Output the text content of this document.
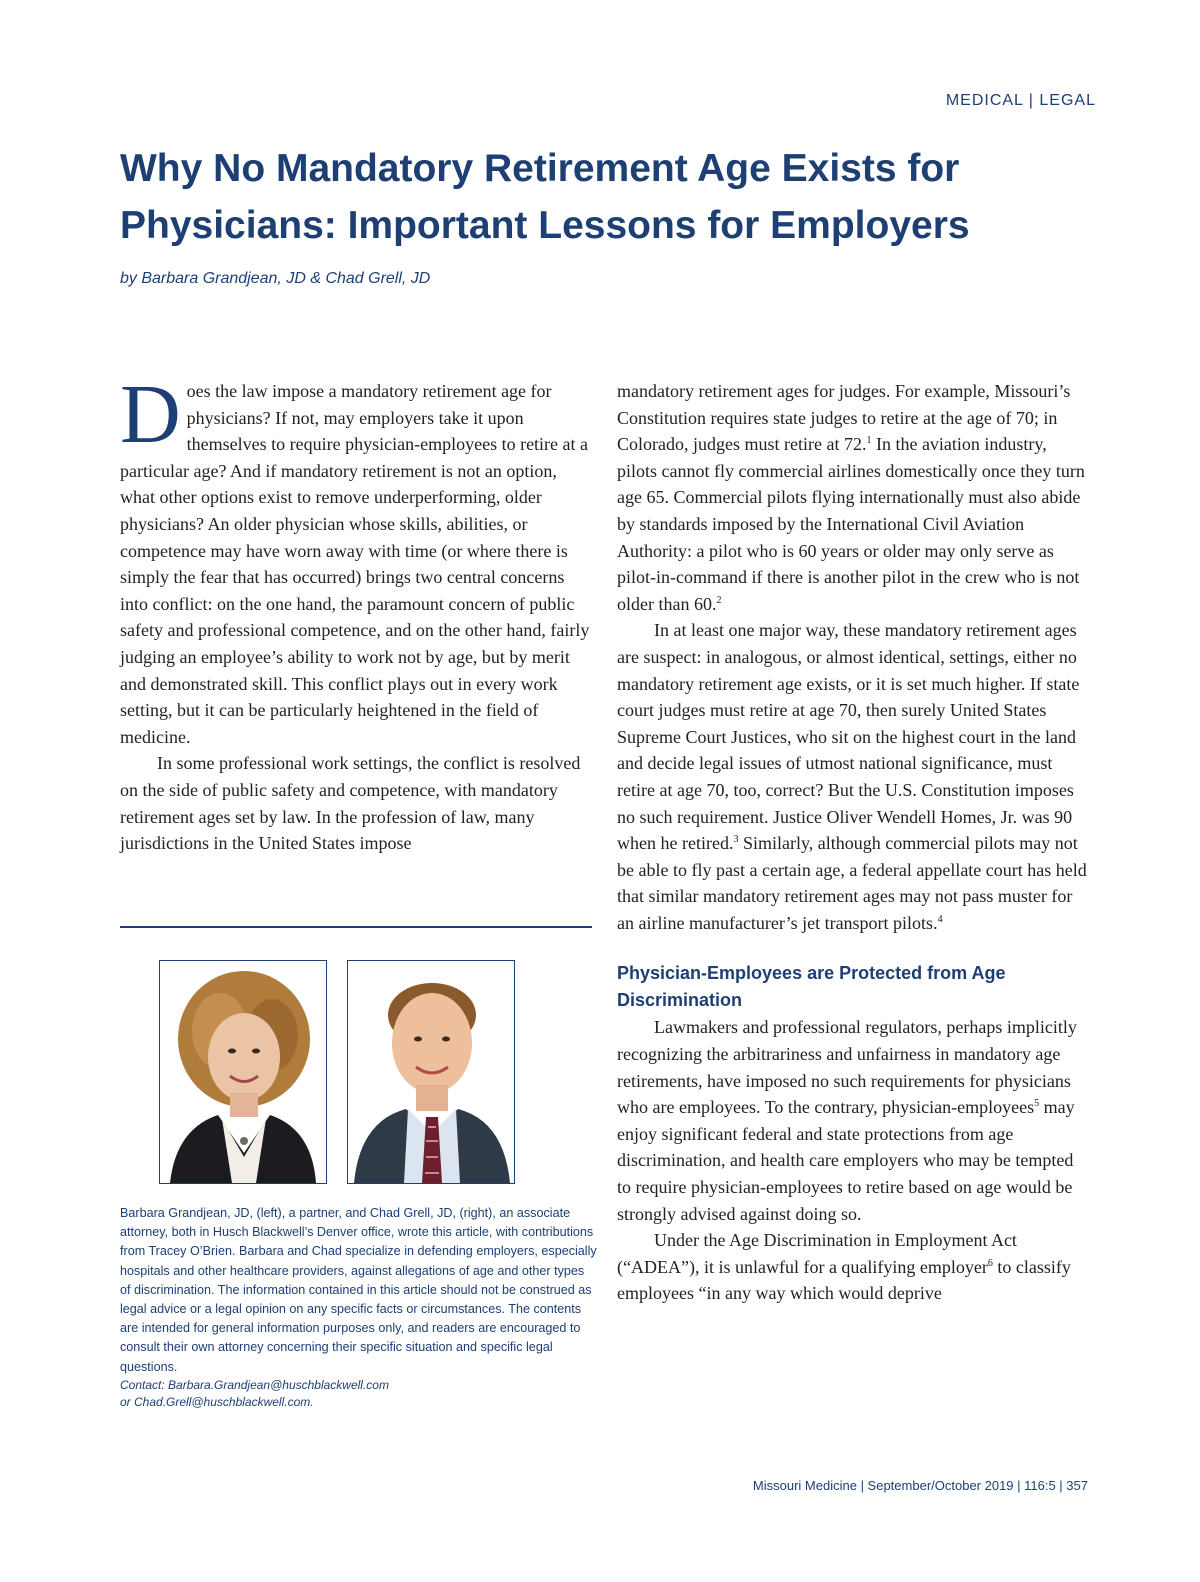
MEDICAL | LEGAL
Why No Mandatory Retirement Age Exists for Physicians: Important Lessons for Employers

by Barbara Grandjean, JD & Chad Grell, JD

Does the law impose a mandatory retirement age for physicians? If not, may employers take it upon themselves to require physician-employees to retire at a particular age? And if mandatory retirement is not an option, what other options exist to remove underperforming, older physicians? An older physician whose skills, abilities, or competence may have worn away with time (or where there is simply the fear that has occurred) brings two central concerns into conflict: on the one hand, the paramount concern of public safety and professional competence, and on the other hand, fairly judging an employee’s ability to work not by age, but by merit and demonstrated skill. This conflict plays out in every work setting, but it can be particularly heightened in the field of medicine.

In some professional work settings, the conflict is resolved on the side of public safety and competence, with mandatory retirement ages set by law. In the profession of law, many jurisdictions in the United States impose

Barbara Grandjean, JD, (left), a partner, and Chad Grell, JD, (right), an associate attorney, both in Husch Blackwell’s Denver office, wrote this article, with contributions from Tracey O’Brien. Barbara and Chad specialize in defending employers, especially hospitals and other healthcare providers, against allegations of age and other types of discrimination. The information contained in this article should not be construed as legal advice or a legal opinion on any specific facts or circumstances. The contents are intended for general information purposes only, and readers are encouraged to consult their own attorney concerning their specific situation and specific legal questions.

Contact: Barbara.Grandjean@huschblackwell.com
or Chad.Grell@huschblackwell.com.

mandatory retirement ages for judges. For example, Missouri’s Constitution requires state judges to retire at the age of 70; in Colorado, judges must retire at 72.$^1$ In the aviation industry, pilots cannot fly commercial airlines domestically once they turn age 65. Commercial pilots flying internationally must also abide by standards imposed by the International Civil Aviation Authority: a pilot who is 60 years or older may only serve as pilot-in-command if there is another pilot in the crew who is not older than 60.$^2$

In at least one major way, these mandatory retirement ages are suspect: in analogous, or almost identical, settings, either no mandatory retirement age exists, or it is set much higher. If state court judges must retire at age 70, then surely United States Supreme Court Justices, who sit on the highest court in the land and decide legal issues of utmost national significance, must retire at age 70, too, correct? But the U.S. Constitution imposes no such requirement. Justice Oliver Wendell Homes, Jr. was 90 when he retired.$^3$ Similarly, although commercial pilots may not be able to fly past a certain age, a federal appellate court has held that similar mandatory retirement ages may not pass muster for an airline manufacturer’s jet transport pilots.$^4$

Physician-Employees are Protected from Age Discrimination

Lawmakers and professional regulators, perhaps implicitly recognizing the arbitrariness and unfairness in mandatory age retirements, have imposed no such requirements for physicians who are employees. To the contrary, physician-employees$^5$ may enjoy significant federal and state protections from age discrimination, and health care employers who may be tempted to require physician-employees to retire based on age would be strongly advised against doing so.

Under the Age Discrimination in Employment Act (“ADEA”), it is unlawful for a qualifying employer$^6$ to classify employees “in any way which would deprive

Missouri Medicine | September/October 2019 | 116:5 | 357
